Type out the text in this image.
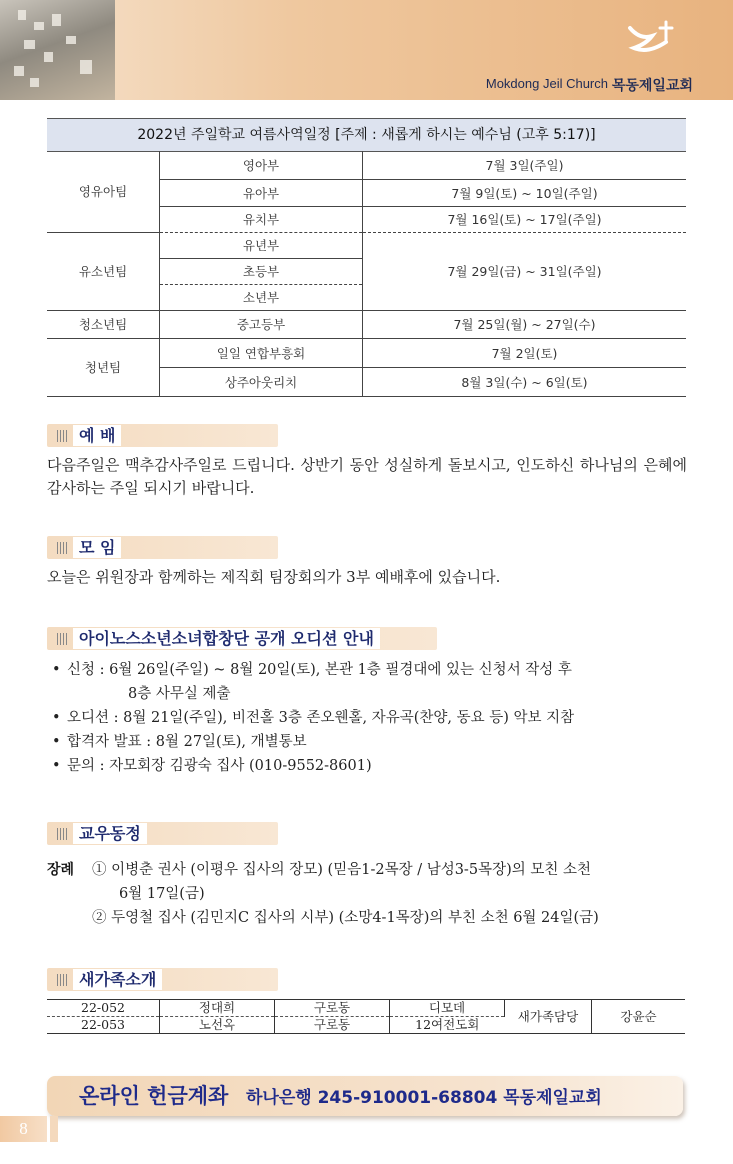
Mokdong Jeil Church 목동제일교회
2022년 주일학교 여름사역일정 [주제 : 새롭게 하시는 예수님 (고후 5:17)]
영유아팀	영아부	7월 3일(주일)
	유아부	7월 9일(토) ~ 10일(주일)
	유치부	7월 16일(토) ~ 17일(주일)
유소년팀	유년부	7월 29일(금) ~ 31일(주일)
	초등부	
	소년부	
청소년팀	중고등부	7월 25일(월) ~ 27일(수)
청년팀	일일 연합부흥회	7월 2일(토)
	상주아웃리치	8월 3일(수) ~ 6일(토)
예 배
다음주일은 맥추감사주일로 드립니다. 상반기 동안 성실하게 돌보시고, 인도하신 하나님의 은혜에 감사하는 주일 되시기 바랍니다.
모 임
오늘은 위원장과 함께하는 제직회 팀장회의가 3부 예배후에 있습니다.
아이노스소년소녀합창단 공개 오디션 안내
• 신청 : 6월 26일(주일) ~ 8월 20일(토), 본관 1층 필경대에 있는 신청서 작성 후
8층 사무실 제출
• 오디션 : 8월 21일(주일), 비전홀 3층 존오웬홀, 자유곡(찬양, 동요 등) 악보 지참
• 합격자 발표 : 8월 27일(토), 개별통보
• 문의 : 자모회장 김광숙 집사 (010-9552-8601)
교우동정
장례 ① 이병춘 권사 (이평우 집사의 장모) (믿음1-2목장 / 남성3-5목장)의 모친 소천
6월 17일(금)
② 두영철 집사 (김민지C 집사의 시부) (소망4-1목장)의 부친 소천 6월 24일(금)
새가족소개
22-052	정대희	구로동	디모데	새가족담당	강윤순
22-053	노선옥	구로동	12여전도회		
온라인 헌금계좌 하나은행 245-910001-68804 목동제일교회
8
